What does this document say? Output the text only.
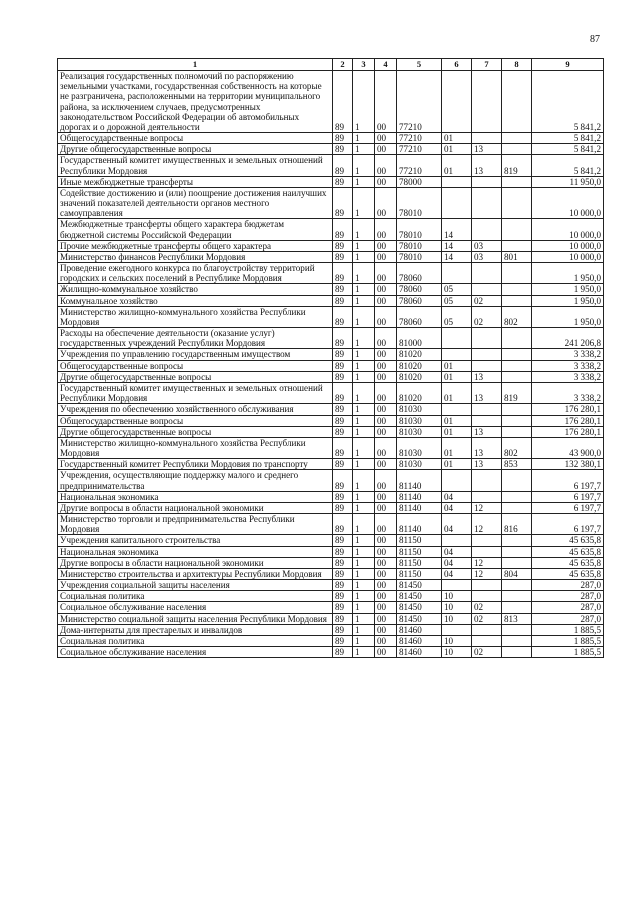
87
1	2	3	4	5	6	7	8	9
Реализация государственных полномочий по распоряжению земельными участками, государственная собственность на которые не разграничена, расположенными на территории муниципального района, за исключением случаев, предусмотренных законодательством Российской Федерации об автомобильных дорогах и о дорожной деятельности	89	1	00	77210				5 841,2
Общегосударственные вопросы	89	1	00	77210	01			5 841,2
Другие общегосударственные вопросы	89	1	00	77210	01	13		5 841,2
Государственный комитет имущественных и земельных отношений Республики Мордовия	89	1	00	77210	01	13	819	5 841,2
Иные межбюджетные трансферты	89	1	00	78000				11 950,0
Содействие достижению и (или) поощрение достижения наилучших значений показателей деятельности органов местного самоуправления	89	1	00	78010				10 000,0
Межбюджетные трансферты общего характера бюджетам бюджетной системы Российской Федерации	89	1	00	78010	14			10 000,0
Прочие межбюджетные трансферты общего характера	89	1	00	78010	14	03		10 000,0
Министерство финансов Республики Мордовия	89	1	00	78010	14	03	801	10 000,0
Проведение ежегодного конкурса по благоустройству территорий городских и сельских поселений в Республике Мордовия	89	1	00	78060				1 950,0
Жилищно-коммунальное хозяйство	89	1	00	78060	05			1 950,0
Коммунальное хозяйство	89	1	00	78060	05	02		1 950,0
Министерство жилищно-коммунального хозяйства Республики Мордовия	89	1	00	78060	05	02	802	1 950,0
Расходы на обеспечение деятельности (оказание услуг) государственных учреждений Республики Мордовия	89	1	00	81000				241 206,8
Учреждения по управлению государственным имуществом	89	1	00	81020				3 338,2
Общегосударственные вопросы	89	1	00	81020	01			3 338,2
Другие общегосударственные вопросы	89	1	00	81020	01	13		3 338,2
Государственный комитет имущественных и земельных отношений Республики Мордовия	89	1	00	81020	01	13	819	3 338,2
Учреждения по обеспечению хозяйственного обслуживания	89	1	00	81030				176 280,1
Общегосударственные вопросы	89	1	00	81030	01			176 280,1
Другие общегосударственные вопросы	89	1	00	81030	01	13		176 280,1
Министерство жилищно-коммунального хозяйства Республики Мордовия	89	1	00	81030	01	13	802	43 900,0
Государственный комитет Республики Мордовия по транспорту	89	1	00	81030	01	13	853	132 380,1
Учреждения, осуществляющие поддержку малого и среднего предпринимательства	89	1	00	81140				6 197,7
Национальная экономика	89	1	00	81140	04			6 197,7
Другие вопросы в области национальной экономики	89	1	00	81140	04	12		6 197,7
Министерство торговли и предпринимательства Республики Мордовия	89	1	00	81140	04	12	816	6 197,7
Учреждения капитального строительства	89	1	00	81150				45 635,8
Национальная экономика	89	1	00	81150	04			45 635,8
Другие вопросы в области национальной экономики	89	1	00	81150	04	12		45 635,8
Министерство строительства и архитектуры Республики Мордовия	89	1	00	81150	04	12	804	45 635,8
Учреждения социальной защиты населения	89	1	00	81450				287,0
Социальная политика	89	1	00	81450	10			287,0
Социальное обслуживание населения	89	1	00	81450	10	02		287,0
Министерство социальной защиты населения Республики Мордовия	89	1	00	81450	10	02	813	287,0
Дома-интернаты для престарелых и инвалидов	89	1	00	81460				1 885,5
Социальная политика	89	1	00	81460	10			1 885,5
Социальное обслуживание населения	89	1	00	81460	10	02		1 885,5
